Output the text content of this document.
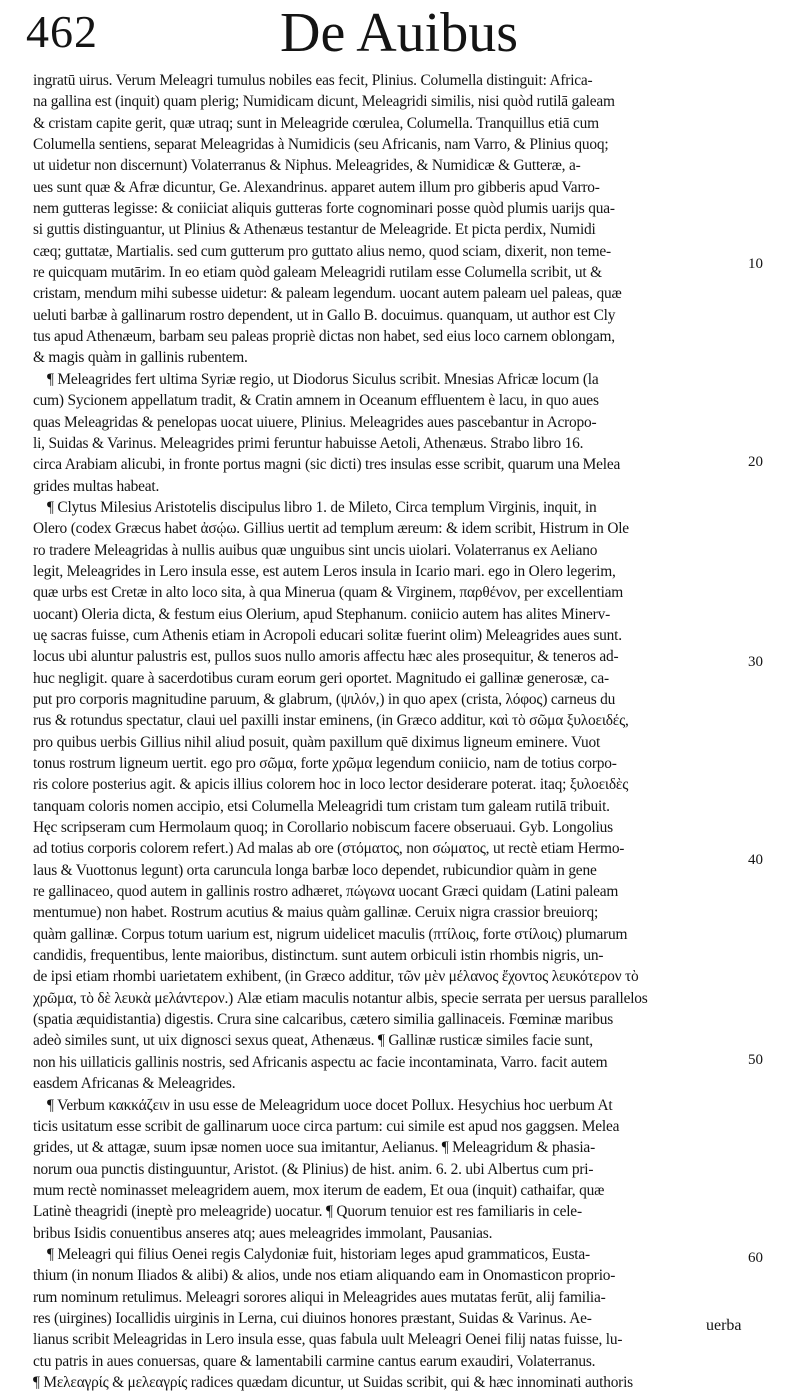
462	De Auibus
ingratū uirus. Verum Meleagri tumulus nobiles eas fecit, Plinius. Columella distinguit: Africa-
na gallina est (inquit) quam plerig; Numidicam dicunt, Meleagridi similis, nisi quòd rutilā galeam
& cristam capite gerit, quæ utraq; sunt in Meleagride cœrulea, Columella. Tranquillus etiā cum
Columella sentiens, separat Meleagridas à Numidicis (seu Africanis, nam Varro, & Plinius quoq;
ut uidetur non discernunt) Volaterranus & Niphus. Meleagrides, & Numidicæ & Gutteræ, a-
ues sunt quæ & Afræ dicuntur, Ge. Alexandrinus. apparet autem illum pro gibberis apud Varro-
nem gutteras legisse: & coniiciat aliquis gutteras forte cognominari posse quòd plumis uarijs qua-
si guttis distinguantur, ut Plinius & Athenæus testantur de Meleagride. Et picta perdix, Numidi
cæq; guttatæ, Martialis. sed cum gutterum pro guttato alius nemo, quod sciam, dixerit, non teme-
re quicquam mutārim. In eo etiam quòd galeam Meleagridi rutilam esse Columella scribit, ut &
cristam, mendum mihi subesse uidetur: & paleam legendum. uocant autem paleam uel paleas, quæ
ueluti barbæ à gallinarum rostro dependent, ut in Gallo B. docuimus. quanquam, ut author est Cly
tus apud Athenæum, barbam seu paleas propriè dictas non habet, sed eius loco carnem oblongam,
& magis quàm in gallinis rubentem.
¶ Meleagrides fert ultima Syriæ regio, ut Diodorus Siculus scribit. Mnesias Africæ locum (la
cum) Sycionem appellatum tradit, & Cratin amnem in Oceanum effluentem è lacu, in quo aues
quas Meleagridas & penelopas uocat uiuere, Plinius. Meleagrides aues pascebantur in Acropo-
li, Suidas & Varinus. Meleagrides primi feruntur habuisse Aetoli, Athenæus. Strabo libro 16.
circa Arabiam alicubi, in fronte portus magni (sic dicti) tres insulas esse scribit, quarum una Melea
grides multas habeat.
¶ Clytus Milesius Aristotelis discipulus libro 1. de Mileto, Circa templum Virginis, inquit, in
Olero (codex Græcus habet ἀσῴω. Gillius uertit ad templum æreum: & idem scribit, Histrum in Ole
ro tradere Meleagridas à nullis auibus quæ unguibus sint uncis uiolari. Volaterranus ex Aeliano
legit, Meleagrides in Lero insula esse, est autem Leros insula in Icario mari. ego in Olero legerim,
quæ urbs est Cretæ in alto loco sita, à qua Minerua (quam & Virginem, παρθένον, per excellentiam
uocant) Oleria dicta, & festum eius Olerium, apud Stephanum. coniicio autem has alites Minerv-
uę sacras fuisse, cum Athenis etiam in Acropoli educari solitæ fuerint olim) Meleagrides aues sunt.
locus ubi aluntur palustris est, pullos suos nullo amoris affectu hæc ales prosequitur, & teneros ad-
huc negligit. quare à sacerdotibus curam eorum geri oportet. Magnitudo ei gallinæ generosæ, ca-
put pro corporis magnitudine paruum, & glabrum, (ψιλόν,) in quo apex (crista, λόφος) carneus du
rus & rotundus spectatur, claui uel paxilli instar eminens, (in Græco additur, καὶ τὸ σῶμα ξυλοειδές,
pro quibus uerbis Gillius nihil aliud posuit, quàm paxillum quē diximus ligneum eminere. Vuot
tonus rostrum ligneum uertit. ego pro σῶμα, forte χρῶμα legendum coniicio, nam de totius corpo-
ris colore posterius agit. & apicis illius colorem hoc in loco lector desiderare poterat. itaq; ξυλοειδὲς
tanquam coloris nomen accipio, etsi Columella Meleagridi tum cristam tum galeam rutilā tribuit.
Hęc scripseram cum Hermolaum quoq; in Corollario nobiscum facere obseruaui. Gyb. Longolius
ad totius corporis colorem refert.) Ad malas ab ore (στόματος, non σώματος, ut rectè etiam Hermo-
laus & Vuottonus legunt) orta caruncula longa barbæ loco dependet, rubicundior quàm in gene
re gallinaceo, quod autem in gallinis rostro adhæret, πώγωνα uocant Græci quidam (Latini paleam
mentumue) non habet. Rostrum acutius & maius quàm gallinæ. Ceruix nigra crassior breuiorq;
quàm gallinæ. Corpus totum uarium est, nigrum uidelicet maculis (πτίλοις, forte στίλοις) plumarum
candidis, frequentibus, lente maioribus, distinctum. sunt autem orbiculi istin rhombis nigris, un-
de ipsi etiam rhombi uarietatem exhibent, (in Græco additur, τῶν μὲν μέλανος ἔχοντος λευκότερον τὸ
χρῶμα, τὸ δὲ λευκὰ μελάντερον.) Alæ etiam maculis notantur albis, specie serrata per uersus parallelos
(spatia æquidistantia) digestis. Crura sine calcaribus, cætero similia gallinaceis. Fœminæ maribus
adeò similes sunt, ut uix dignosci sexus queat, Athenæus. ¶ Gallinæ rusticæ similes facie sunt,
non his uillaticis gallinis nostris, sed Africanis aspectu ac facie incontaminata, Varro. facit autem
easdem Africanas & Meleagrides.
¶ Verbum κακκάζειν in usu esse de Meleagridum uoce docet Pollux. Hesychius hoc uerbum At
ticis usitatum esse scribit de gallinarum uoce circa partum: cui simile est apud nos gaggsen. Melea
grides, ut & attagæ, suum ipsæ nomen uoce sua imitantur, Aelianus. ¶ Meleagridum & phasia-
norum oua punctis distinguuntur, Aristot. (& Plinius) de hist. anim. 6. 2. ubi Albertus cum pri-
mum rectè nominasset meleagridem auem, mox iterum de eadem, Et oua (inquit) cathaifar, quæ
Latinè theagridi (ineptè pro meleagride) uocatur. ¶ Quorum tenuior est res familiaris in cele-
bribus Isidis conuentibus anseres atq; aues meleagrides immolant, Pausanias.
¶ Meleagri qui filius Oenei regis Calydoniæ fuit, historiam leges apud grammaticos, Eusta-
thium (in nonum Iliados & alibi) & alios, unde nos etiam aliquando eam in Onomasticon proprio-
rum nominum retulimus. Meleagri sorores aliqui in Meleagrides aues mutatas ferūt, alij familia-
res (uirgines) Iocallidis uirginis in Lerna, cui diuinos honores præstant, Suidas & Varinus. Ae-
lianus scribit Meleagridas in Lero insula esse, quas fabula uult Meleagri Oenei filij natas fuisse, lu-
ctu patris in aues conuersas, quare & lamentabili carmine cantus earum exaudiri, Volaterranus.
¶ Μελεαγρίς & μελεαγρίς radices quædam dicuntur, ut Suidas scribit, qui & hæc innominati authoris
10
20
30
40
50
60
uerba
